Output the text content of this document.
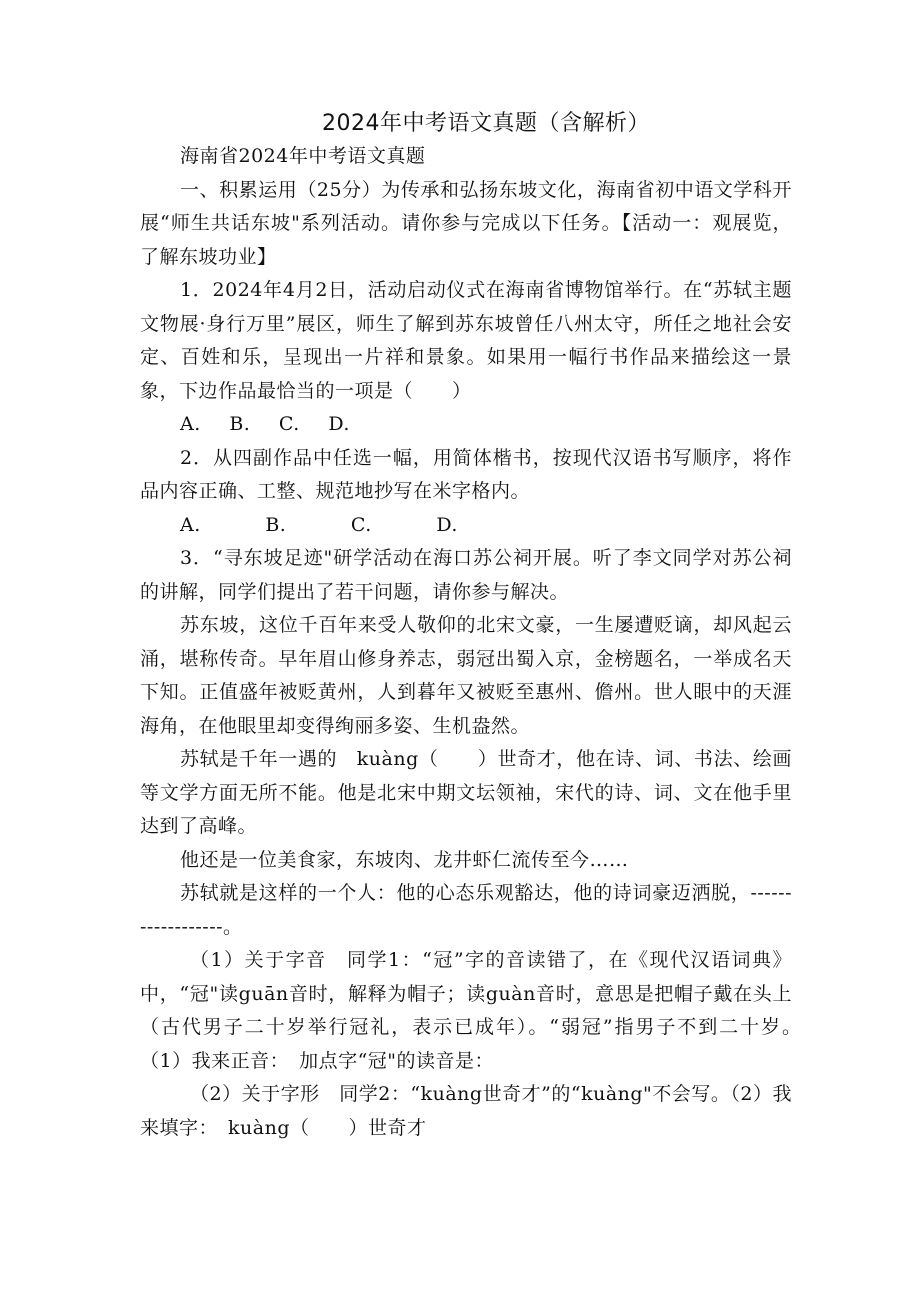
2024年中考语文真题（含解析）

海南省2024年中考语文真题

一、积累运用（25分）为传承和弘扬东坡文化，海南省初中语文学科开展“师生共话东坡"系列活动。请你参与完成以下任务。【活动一：观展览，了解东坡功业】

1．2024年4月2日，活动启动仪式在海南省博物馆举行。在“苏轼主题文物展·身行万里”展区，师生了解到苏东坡曾任八州太守，所任之地社会安定、百姓和乐，呈现出一片祥和景象。如果用一幅行书作品来描绘这一景象，下边作品最恰当的一项是（　　）

A. B. C. D.

2．从四副作品中任选一幅，用简体楷书，按现代汉语书写顺序，将作品内容正确、工整、规范地抄写在米字格内。

A.	B.	C.	D.

3．“寻东坡足迹"研学活动在海口苏公祠开展。听了李文同学对苏公祠的讲解，同学们提出了若干问题，请你参与解决。

苏东坡，这位千百年来受人敬仰的北宋文豪，一生屡遭贬谪，却风起云涌，堪称传奇。早年眉山修身养志，弱冠出蜀入京，金榜题名，一举成名天下知。正值盛年被贬黄州，人到暮年又被贬至惠州、儋州。世人眼中的天涯海角，在他眼里却变得绚丽多姿、生机盎然。

苏轼是千年一遇的　kuàng（　　）世奇才，他在诗、词、书法、绘画等文学方面无所不能。他是北宋中期文坛领袖，宋代的诗、词、文在他手里达到了高峰。

他还是一位美食家，东坡肉、龙井虾仁流传至今……

苏轼就是这样的一个人：他的心态乐观豁达，他的诗词豪迈洒脱，------------------。

（1）关于字音　同学1：“冠”字的音读错了，在《现代汉语词典》中，“冠"读guān音时，解释为帽子；读guàn音时，意思是把帽子戴在头上（古代男子二十岁举行冠礼，表示已成年）。“弱冠”指男子不到二十岁。　（1）我来正音：　加点字“冠"的读音是：

（2）关于字形　同学2：“kuàng世奇才”的“kuàng"不会写。（2）我来填字：　kuàng（　　）世奇才
